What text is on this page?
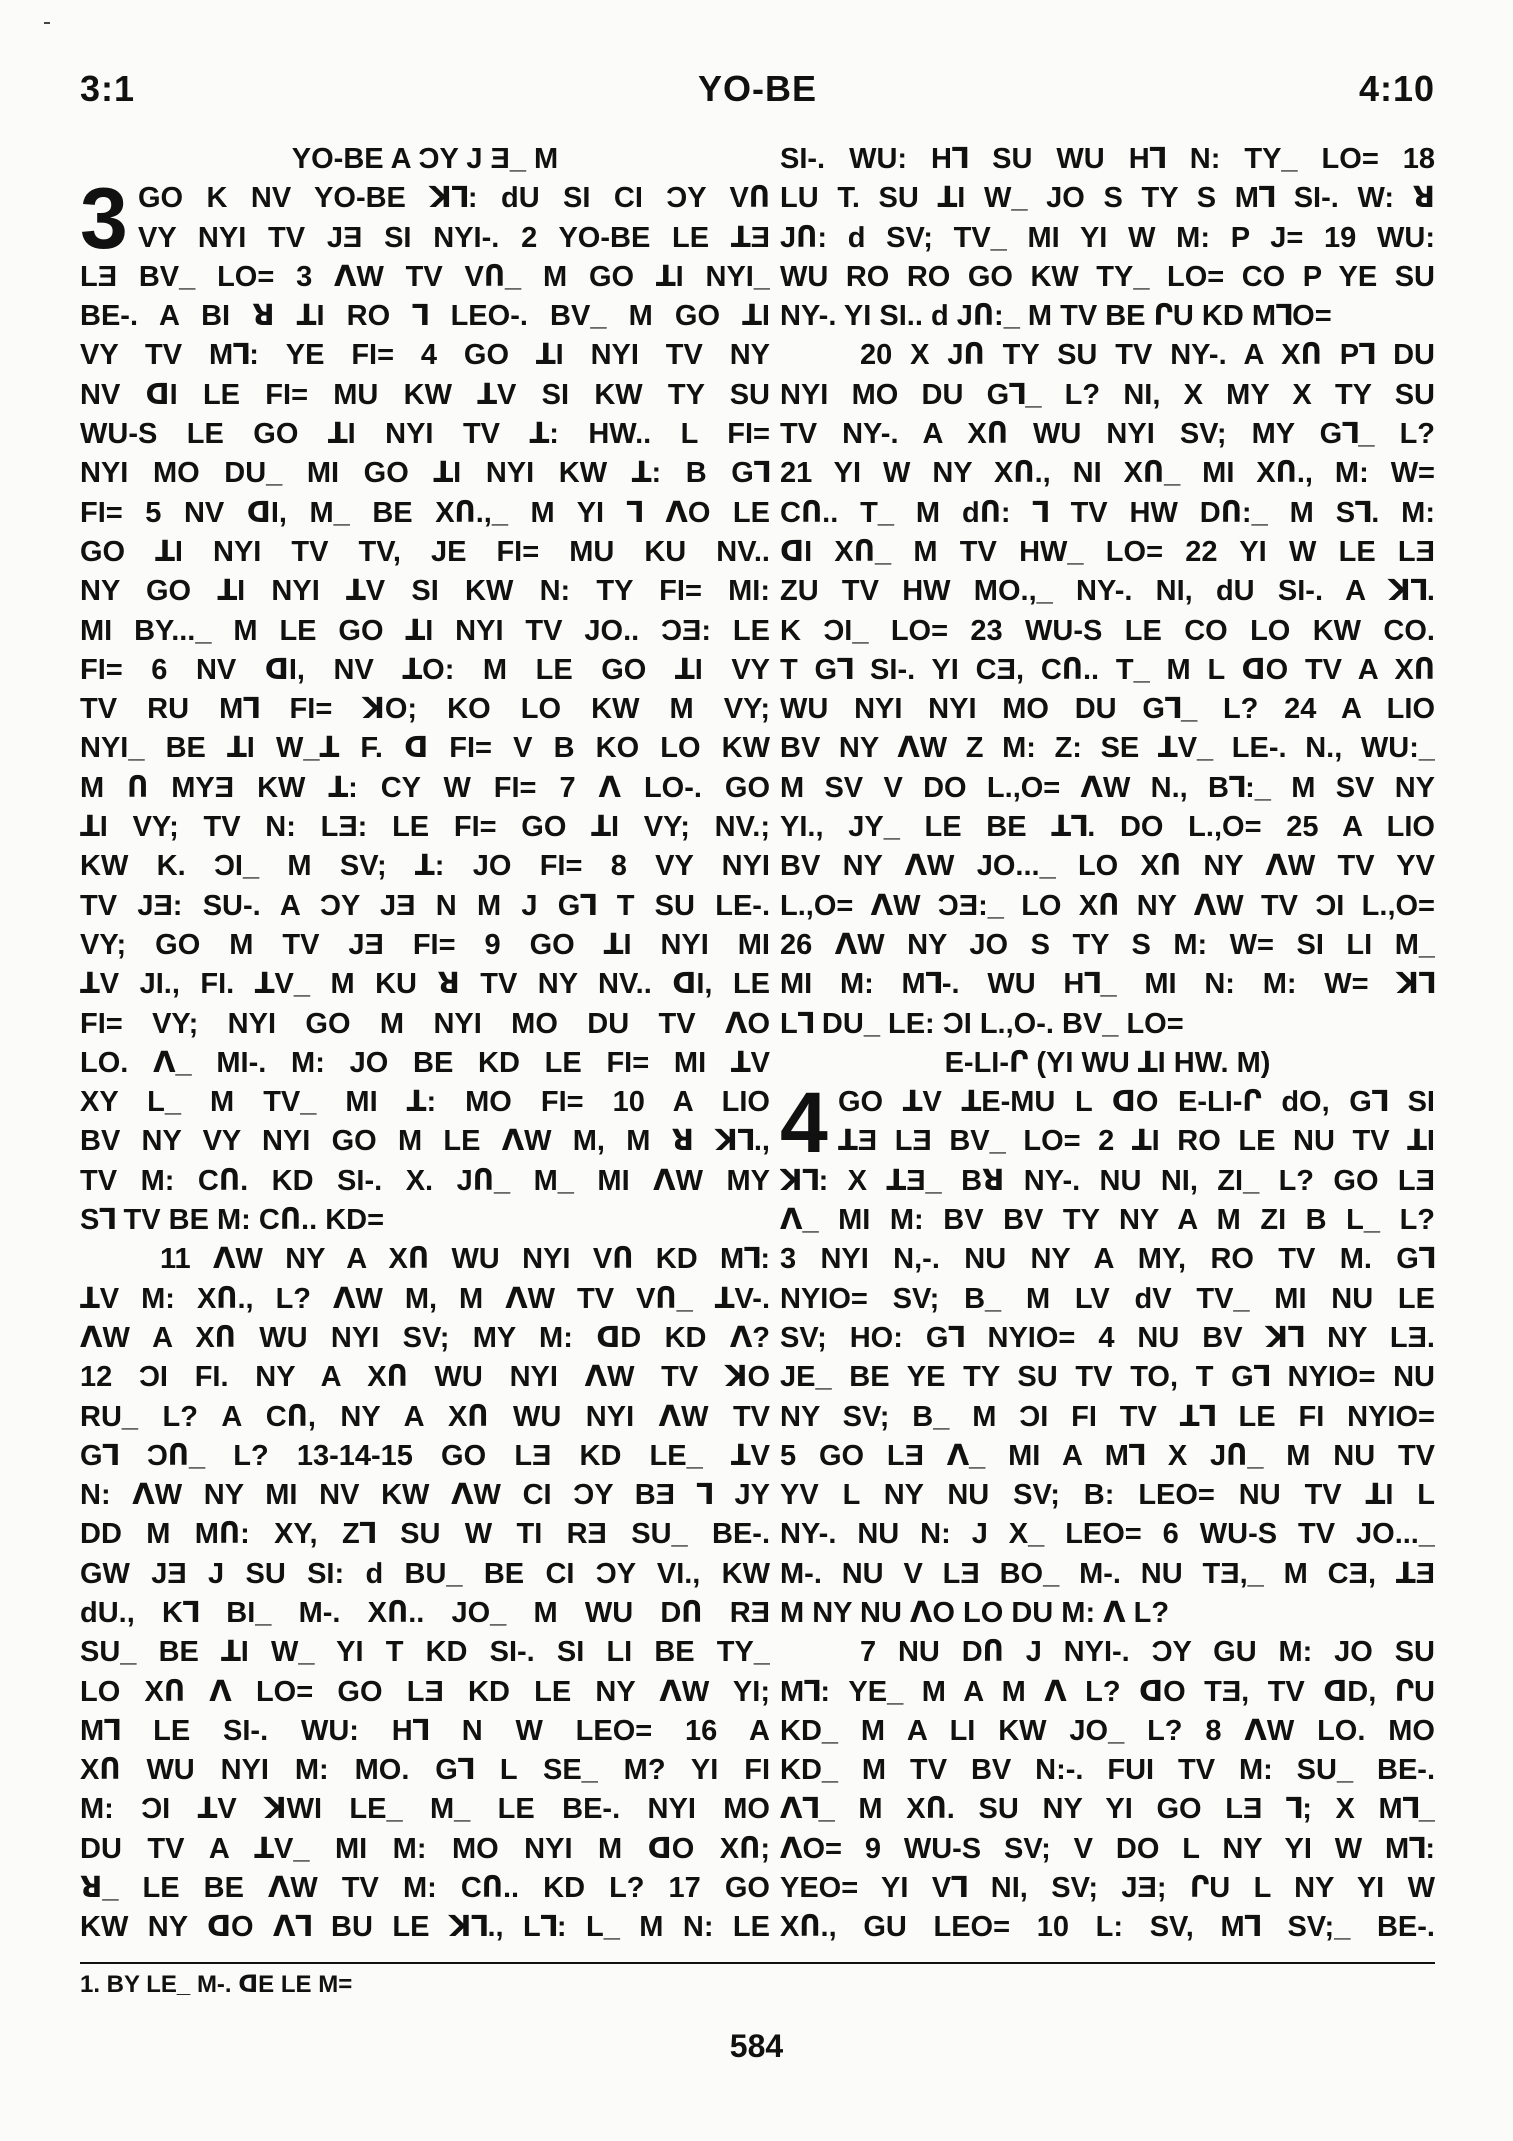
3:1	YO-BE	4:10
YO-BE A ƆY J Ǝ_ M
3 GO K NV YO-BE ꓘꓶ: ԁU SI CI ƆY VՈ
VY NYI TV JƎ SI NYI-. 2 YO-BE LE ꓕƎ
LƎ BV_ LO= 3 ꓥW TV VՈ_ M GO ꓕI NYI_
BE-. A BI ꓤ ꓕI RO ꓶ LEO-. BV_ M GO ꓕI
VY TV Mꓶ: YE FI= 4 GO ꓕI NYI TV NY
NV ꓷI LE FI= MU KW ꓕV SI KW TY SU
WU-S LE GO ꓕI NYI TV ꓕ: HW.. L FI=
NYI MO DU_ MI GO ꓕI NYI KW ꓕ: B Gꓶ
FI= 5 NV ꓷI, M_ BE XՈ.,_ M YI ꓶ ꓥO LE
GO ꓕI NYI TV TV, JE FI= MU KU NV..
NY GO ꓕI NYI ꓕV SI KW N: TY FI= MI:
MI BY..._ M LE GO ꓕI NYI TV JO.. ƆƎ: LE
FI= 6 NV ꓷI, NV ꓕO: M LE GO ꓕI VY
TV RU Mꓶ FI= ꓘO; KO LO KW M VY;
NYI_ BE ꓕI W_ꓕ F. ꓷ FI= V B KO LO KW
M Ո MYƎ KW ꓕ: CY W FI= 7 ꓥ LO-. GO
ꓕI VY; TV N: LƎ: LE FI= GO ꓕI VY; NV.;
KW K. ƆI_ M SV; ꓕ: JO FI= 8 VY NYI
TV JƎ: SU-. A ƆY JƎ N M J Gꓶ T SU LE-.
VY; GO M TV JƎ FI= 9 GO ꓕI NYI MI
ꓕV JI., FI. ꓕV_ M KU ꓤ TV NY NV.. ꓷI, LE
FI= VY; NYI GO M NYI MO DU TV ꓥO
LO. ꓥ_ MI-. M: JO BE KD LE FI= MI ꓕV
XY L_ M TV_ MI ꓕ: MO FI= 10 A LIO
BV NY VY NYI GO M LE ꓥW M, M ꓤ ꓘꓶ.,
TV M: CՈ. KD SI-. X. JՈ_ M_ MI ꓥW MY
Sꓶ TV BE M: CՈ.. KD=
11 ꓥW NY A XՈ WU NYI VՈ KD Mꓶ:
ꓕV M: XՈ., L? ꓥW M, M ꓥW TV VՈ_ ꓕV-.
ꓥW A XՈ WU NYI SV; MY M: ꓷD KD ꓥ?
12 ƆI FI. NY A XՈ WU NYI ꓥW TV ꓘO
RU_ L? A CՈ, NY A XՈ WU NYI ꓥW TV
Gꓶ ƆՈ_ L? 13-14-15 GO LƎ KD LE_ ꓕV
N: ꓥW NY MI NV KW ꓥW CI ƆY BƎ ꓶ JY
DD M MՈ: XY, Zꓶ SU W TI RƎ SU_ BE-.
GW JƎ J SU SI: ԁ BU_ BE CI ƆY VI., KW
ԁU., Kꓶ BI_ M-. XՈ.. JO_ M WU DՈ RƎ
SU_ BE ꓕI W_ YI T KD SI-. SI LI BE TY_
LO XՈ ꓥ LO= GO LƎ KD LE NY ꓥW YI;
Mꓶ LE SI-. WU: Hꓶ N W LEO= 16 A
XՈ WU NYI M: MO. Gꓶ L SE_ M? YI FI
M: ƆI ꓕV ꓘWI LE_ M_ LE BE-. NYI MO
DU TV A ꓕV_ MI M: MO NYI M ꓷO XՈ;
ꓤ_ LE BE ꓥW TV M: CՈ.. KD L? 17 GO
KW NY ꓷO ꓥꓶ BU LE ꓘꓶ., Lꓶ: L_ M N: LE
SI-. WU: Hꓶ SU WU Hꓶ N: TY_ LO= 18
LU T. SU ꓕI W_ JO S TY S Mꓶ SI-. W: ꓤ
JՈ: ԁ SV; TV_ MI YI W M: P J= 19 WU:
WU RO RO GO KW TY_ LO= CO P YE SU
NY-. YI SI.. ԁ JՈ:_ M TV BE ՐU KD MꓶO=
20 X JՈ TY SU TV NY-. A XՈ Pꓶ DU
NYI MO DU Gꓶ_ L? NI, X MY X TY SU
TV NY-. A XՈ WU NYI SV; MY Gꓶ_ L?
21 YI W NY XՈ., NI XՈ_ MI XՈ., M: W=
CՈ.. T_ M ԁՈ: ꓶ TV HW DՈ:_ M Sꓶ. M:
ꓷI XՈ_ M TV HW_ LO= 22 YI W LE LƎ
ZU TV HW MO.,_ NY-. NI, ԁU SI-. A ꓘꓶ.
K ƆI_ LO= 23 WU-S LE CO LO KW CO.
T Gꓶ SI-. YI CƎ, CՈ.. T_ M L ꓷO TV A XՈ
WU NYI NYI MO DU Gꓶ_ L? 24 A LIO
BV NY ꓥW Z M: Z: SE ꓕV_ LE-. N., WU:_
M SV V DO L.,O= ꓥW N., Bꓶ:_ M SV NY
YI., JY_ LE BE ꓕꓶ. DO L.,O= 25 A LIO
BV NY ꓥW JO..._ LO XՈ NY ꓥW TV YV
L.,O= ꓥW ƆƎ:_ LO XՈ NY ꓥW TV ƆI L.,O=
26 ꓥW NY JO S TY S M: W= SI LI M_
MI M: Mꓶ-. WU Hꓶ_ MI N: M: W= ꓘꓶ
Lꓶ DU_ LE: ƆI L.,O-. BV_ LO=
E-LI-Ր (YI WU ꓕI HW. M)
4 GO ꓕV ꓕE-MU L ꓷO E-LI-Ր ԁO, Gꓶ SI
ꓕƎ LƎ BV_ LO= 2 ꓕI RO LE NU TV ꓕI
ꓘꓶ: X ꓕƎ_ Bꓤ NY-. NU NI, ZI_ L? GO LƎ
ꓥ_ MI M: BV BV TY NY A M ZI B L_ L?
3 NYI N,-. NU NY A MY, RO TV M. Gꓶ
NYIO= SV; B_ M LV ԁV TV_ MI NU LE
SV; HO: Gꓶ NYIO= 4 NU BV ꓘꓶ NY LƎ.
JE_ BE YE TY SU TV TO, T Gꓶ NYIO= NU
NY SV; B_ M ƆI FI TV ꓕꓶ LE FI NYIO=
5 GO LƎ ꓥ_ MI A Mꓶ X JՈ_ M NU TV
YV L NY NU SV; B: LEO= NU TV ꓕI L
NY-. NU N: J X_ LEO= 6 WU-S TV JO..._
M-. NU V LƎ BO_ M-. NU TƎ,_ M CƎ, ꓕƎ
M NY NU ꓥO LO DU M: ꓥ L?
7 NU DՈ J NYI-. ƆY GU M: JO SU
Mꓶ: YE_ M A M ꓥ L? ꓷO TƎ, TV ꓷD, ՐU
KD_ M A LI KW JO_ L? 8 ꓥW LO. MO
KD_ M TV BV N:-. FUI TV M: SU_ BE-.
ꓥꓶ_ M XՈ. SU NY YI GO LƎ ꓶ; X Mꓶ_
ꓥO= 9 WU-S SV; V DO L NY YI W Mꓶ:
YEO= YI Vꓶ NI, SV; JƎ; ՐU L NY YI W
XՈ., GU LEO= 10 L: SV, Mꓶ SV;_ BE-.
1. BY LE_ M-. ꓷE LE M=
584
